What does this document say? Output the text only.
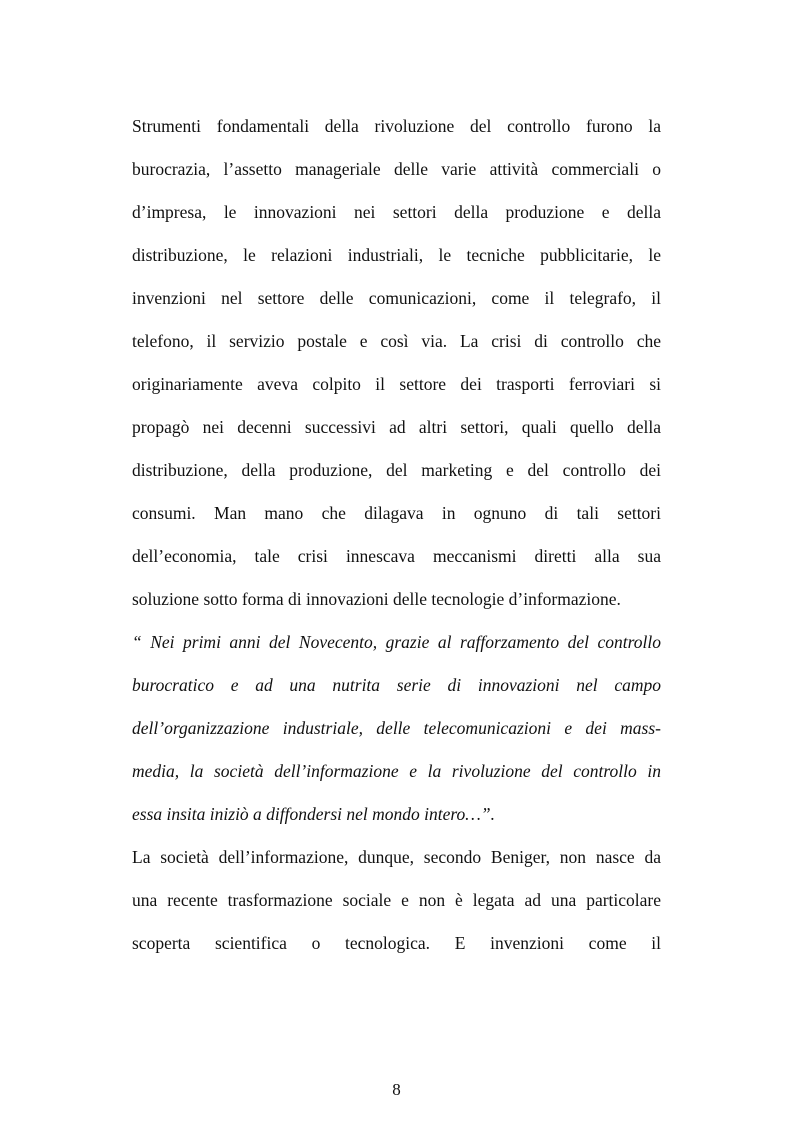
Strumenti fondamentali della rivoluzione del controllo furono la
burocrazia, l’assetto manageriale delle varie attività commerciali o
d’impresa, le innovazioni nei settori della produzione e della
distribuzione, le relazioni industriali, le tecniche pubblicitarie, le
invenzioni nel settore delle comunicazioni, come il telegrafo, il
telefono, il servizio postale e così via. La crisi di controllo che
originariamente aveva colpito il settore dei trasporti ferroviari si
propagò nei decenni successivi ad altri settori, quali quello della
distribuzione, della produzione, del marketing e del controllo dei
consumi. Man mano che dilagava in ognuno di tali settori
dell’economia, tale crisi innescava meccanismi diretti alla sua
soluzione sotto forma di innovazioni delle tecnologie d’informazione.
“ Nei primi anni del Novecento, grazie al rafforzamento del controllo
burocratico e ad una nutrita serie di innovazioni nel campo
dell’organizzazione industriale, delle telecomunicazioni e dei mass-
media, la società dell’informazione e la rivoluzione del controllo in
essa insita iniziò a diffondersi nel mondo intero…”.
La società dell’informazione, dunque, secondo Beniger, non nasce da
una recente trasformazione sociale e non è legata ad una particolare
scoperta scientifica o tecnologica. E invenzioni come il
8
